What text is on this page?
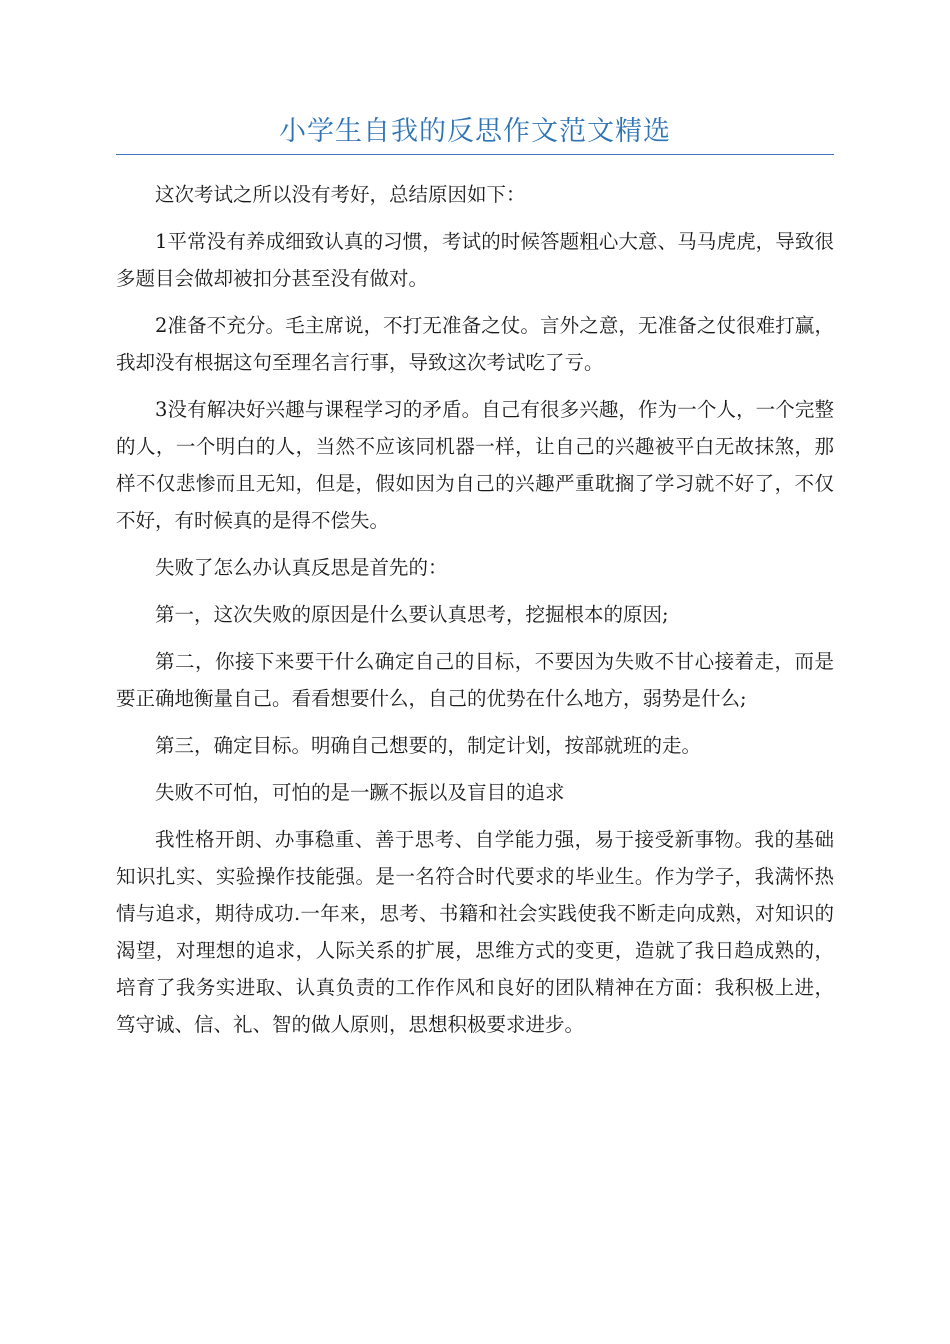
小学生自我的反思作文范文精选

这次考试之所以没有考好，总结原因如下：

1平常没有养成细致认真的习惯，考试的时候答题粗心大意、马马虎虎，导致很多题目会做却被扣分甚至没有做对。

2准备不充分。毛主席说，不打无准备之仗。言外之意，无准备之仗很难打赢，我却没有根据这句至理名言行事，导致这次考试吃了亏。

3没有解决好兴趣与课程学习的矛盾。自己有很多兴趣，作为一个人，一个完整的人，一个明白的人，当然不应该同机器一样，让自己的兴趣被平白无故抹煞，那样不仅悲惨而且无知，但是，假如因为自己的兴趣严重耽搁了学习就不好了，不仅不好，有时候真的是得不偿失。

失败了怎么办认真反思是首先的：

第一，这次失败的原因是什么要认真思考，挖掘根本的原因;

第二，你接下来要干什么确定自己的目标，不要因为失败不甘心接着走，而是要正确地衡量自己。看看想要什么，自己的优势在什么地方，弱势是什么;

第三，确定目标。明确自己想要的，制定计划，按部就班的走。

失败不可怕，可怕的是一蹶不振以及盲目的追求

我性格开朗、办事稳重、善于思考、自学能力强，易于接受新事物。我的基础知识扎实、实验操作技能强。是一名符合时代要求的毕业生。作为学子，我满怀热情与追求，期待成功.一年来，思考、书籍和社会实践使我不断走向成熟，对知识的渴望，对理想的追求，人际关系的扩展，思维方式的变更，造就了我日趋成熟的，培育了我务实进取、认真负责的工作作风和良好的团队精神在方面：我积极上进，笃守诚、信、礼、智的做人原则，思想积极要求进步。
